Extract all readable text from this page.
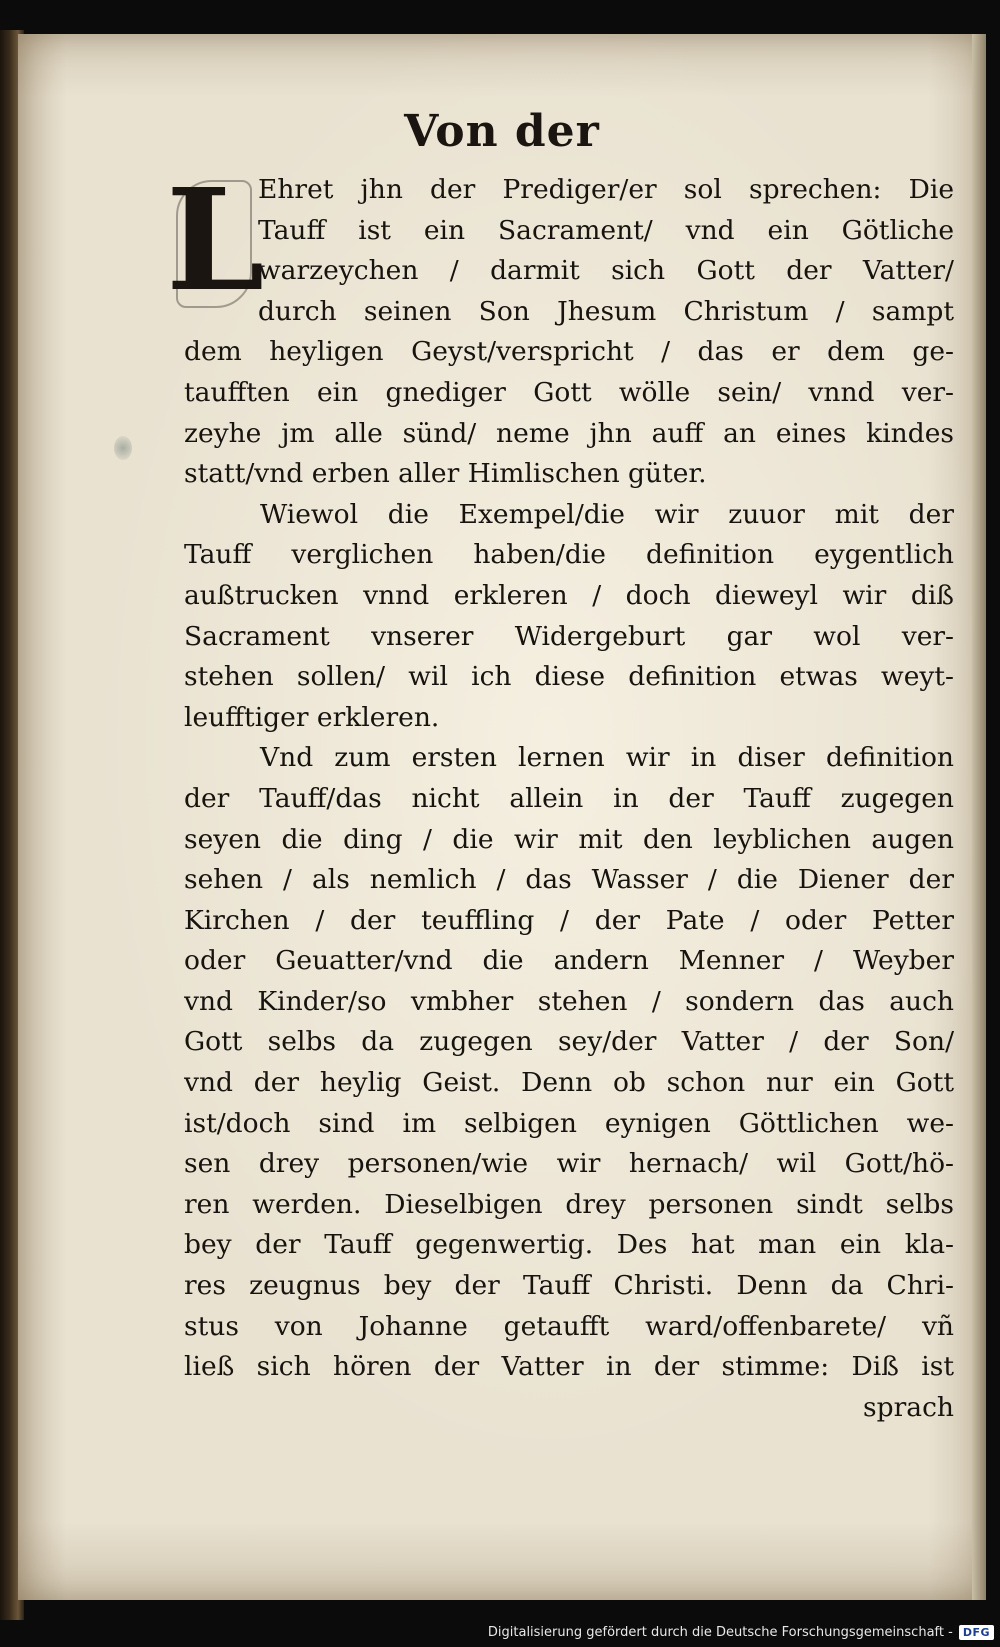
Von der
L
Ehret jhn der Prediger/er sol sprechen: Die
Tauff ist ein Sacrament/ vnd ein Götliche
warzeychen / darmit sich Gott der Vatter/
durch seinen Son Jhesum Christum / sampt
dem heyligen Geyst/verspricht / das er dem ge-
taufften ein gnediger Gott wölle sein/ vnnd ver-
zeyhe jm alle sünd/ neme jhn auff an eines kindes
statt/vnd erben aller Himlischen güter.
Wiewol die Exempel/die wir zuuor mit der
Tauff verglichen haben/die definition eygentlich
außtrucken vnnd erkleren / doch dieweyl wir diß
Sacrament vnserer Widergeburt gar wol ver-
stehen sollen/ wil ich diese definition etwas weyt-
leufftiger erkleren.
Vnd zum ersten lernen wir in diser definition
der Tauff/das nicht allein in der Tauff zugegen
seyen die ding / die wir mit den leyblichen augen
sehen / als nemlich / das Wasser / die Diener der
Kirchen / der teuffling / der Pate / oder Petter
oder Geuatter/vnd die andern Menner / Weyber
vnd Kinder/so vmbher stehen / sondern das auch
Gott selbs da zugegen sey/der Vatter / der Son/
vnd der heylig Geist. Denn ob schon nur ein Gott
ist/doch sind im selbigen eynigen Göttlichen we-
sen drey personen/wie wir hernach/ wil Gott/hö-
ren werden. Dieselbigen drey personen sindt selbs
bey der Tauff gegenwertig. Des hat man ein kla-
res zeugnus bey der Tauff Christi. Denn da Chri-
stus von Johanne getaufft ward/offenbarete/ vñ
ließ sich hören der Vatter in der stimme: Diß ist
sprach
Digitalisierung gefördert durch die Deutsche Forschungsgemeinschaft - DFG
